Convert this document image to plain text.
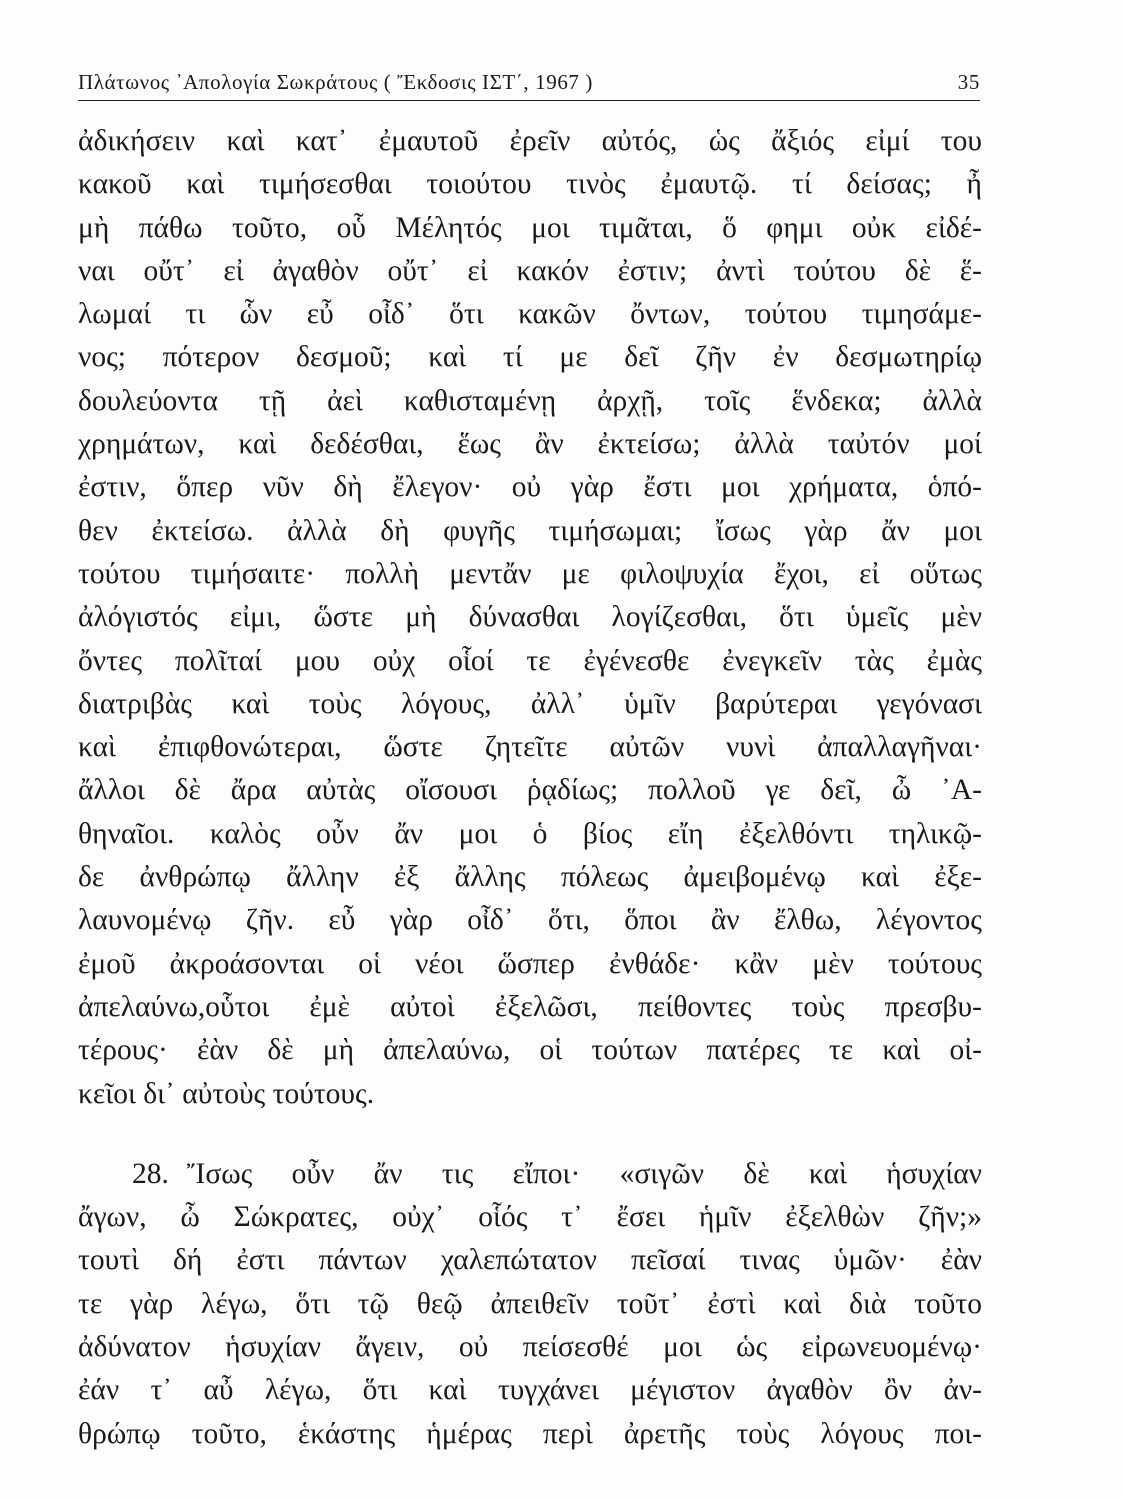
Πλάτωνος ᾿Απολογία Σωκράτους ( Ἔκδοσις ΙΣΤ΄, 1967 )	35
ἀδικήσειν καὶ κατ᾿ ἐμαυτοῦ ἐρεῖν αὐτός, ὡς ἄξιός εἰμί του
κακοῦ καὶ τιμήσεσθαι τοιούτου τινὸς ἐμαυτῷ. τί δείσας; ἦ
μὴ πάθω τοῦτο, οὗ Μέλητός μοι τιμᾶται, ὅ φημι οὐκ εἰδέ-
ναι οὔτ᾿ εἰ ἀγαθὸν οὔτ᾿ εἰ κακόν ἐστιν; ἀντὶ τούτου δὲ ἕ-
λωμαί τι ὧν εὖ οἶδ᾿ ὅτι κακῶν ὄντων, τούτου τιμησάμε-
νος; πότερον δεσμοῦ; καὶ τί με δεῖ ζῆν ἐν δεσμωτηρίῳ
δουλεύοντα τῇ ἀεὶ καθισταμένῃ ἀρχῇ, τοῖς ἕνδεκα; ἀλλὰ
χρημάτων, καὶ δεδέσθαι, ἕως ἂν ἐκτείσω; ἀλλὰ ταὐτόν μοί
ἐστιν, ὅπερ νῦν δὴ ἔλεγον· οὐ γὰρ ἔστι μοι χρήματα, ὁπό-
θεν ἐκτείσω. ἀλλὰ δὴ φυγῆς τιμήσωμαι; ἴσως γὰρ ἄν μοι
τούτου τιμήσαιτε· πολλὴ μεντἄν με φιλοψυχία ἔχοι, εἰ οὕτως
ἀλόγιστός εἰμι, ὥστε μὴ δύνασθαι λογίζεσθαι, ὅτι ὑμεῖς μὲν
ὄντες πολῖταί μου οὐχ οἷοί τε ἐγένεσθε ἐνεγκεῖν τὰς ἐμὰς
διατριβὰς καὶ τοὺς λόγους, ἀλλ᾿ ὑμῖν βαρύτεραι γεγόνασι
καὶ ἐπιφθονώτεραι, ὥστε ζητεῖτε αὐτῶν νυνὶ ἀπαλλαγῆναι·
ἄλλοι δὲ ἄρα αὐτὰς οἴσουσι ῥᾳδίως; πολλοῦ γε δεῖ, ὦ ᾿Α-
θηναῖοι. καλὸς οὖν ἄν μοι ὁ βίος εἴη ἐξελθόντι τηλικῷ-
δε ἀνθρώπῳ ἄλλην ἐξ ἄλλης πόλεως ἀμειβομένῳ καὶ ἐξε-
λαυνομένῳ ζῆν. εὖ γὰρ οἶδ᾿ ὅτι, ὅποι ἂν ἔλθω, λέγοντος
ἐμοῦ ἀκροάσονται οἱ νέοι ὥσπερ ἐνθάδε· κἂν μὲν τούτους
ἀπελαύνω,οὗτοι ἐμὲ αὐτοὶ ἐξελῶσι, πείθοντες τοὺς πρεσβυ-
τέρους· ἐὰν δὲ μὴ ἀπελαύνω, οἱ τούτων πατέρες τε καὶ οἰ-
κεῖοι δι᾿ αὐτοὺς τούτους.
28. Ἴσως οὖν ἄν τις εἴποι· «σιγῶν δὲ καὶ ἡσυχίαν
ἄγων, ὦ Σώκρατες, οὐχ᾿ οἷός τ᾿ ἔσει ἡμῖν ἐξελθὼν ζῆν;»
τουτὶ δή ἐστι πάντων χαλεπώτατον πεῖσαί τινας ὑμῶν· ἐὰν
τε γὰρ λέγω, ὅτι τῷ θεῷ ἀπειθεῖν τοῦτ᾿ ἐστὶ καὶ διὰ τοῦτο
ἀδύνατον ἡσυχίαν ἄγειν, οὐ πείσεσθέ μοι ὡς εἰρωνευομένῳ·
ἐάν τ᾿ αὖ λέγω, ὅτι καὶ τυγχάνει μέγιστον ἀγαθὸν ὂν ἀν-
θρώπῳ τοῦτο, ἑκάστης ἡμέρας περὶ ἀρετῆς τοὺς λόγους ποι-
